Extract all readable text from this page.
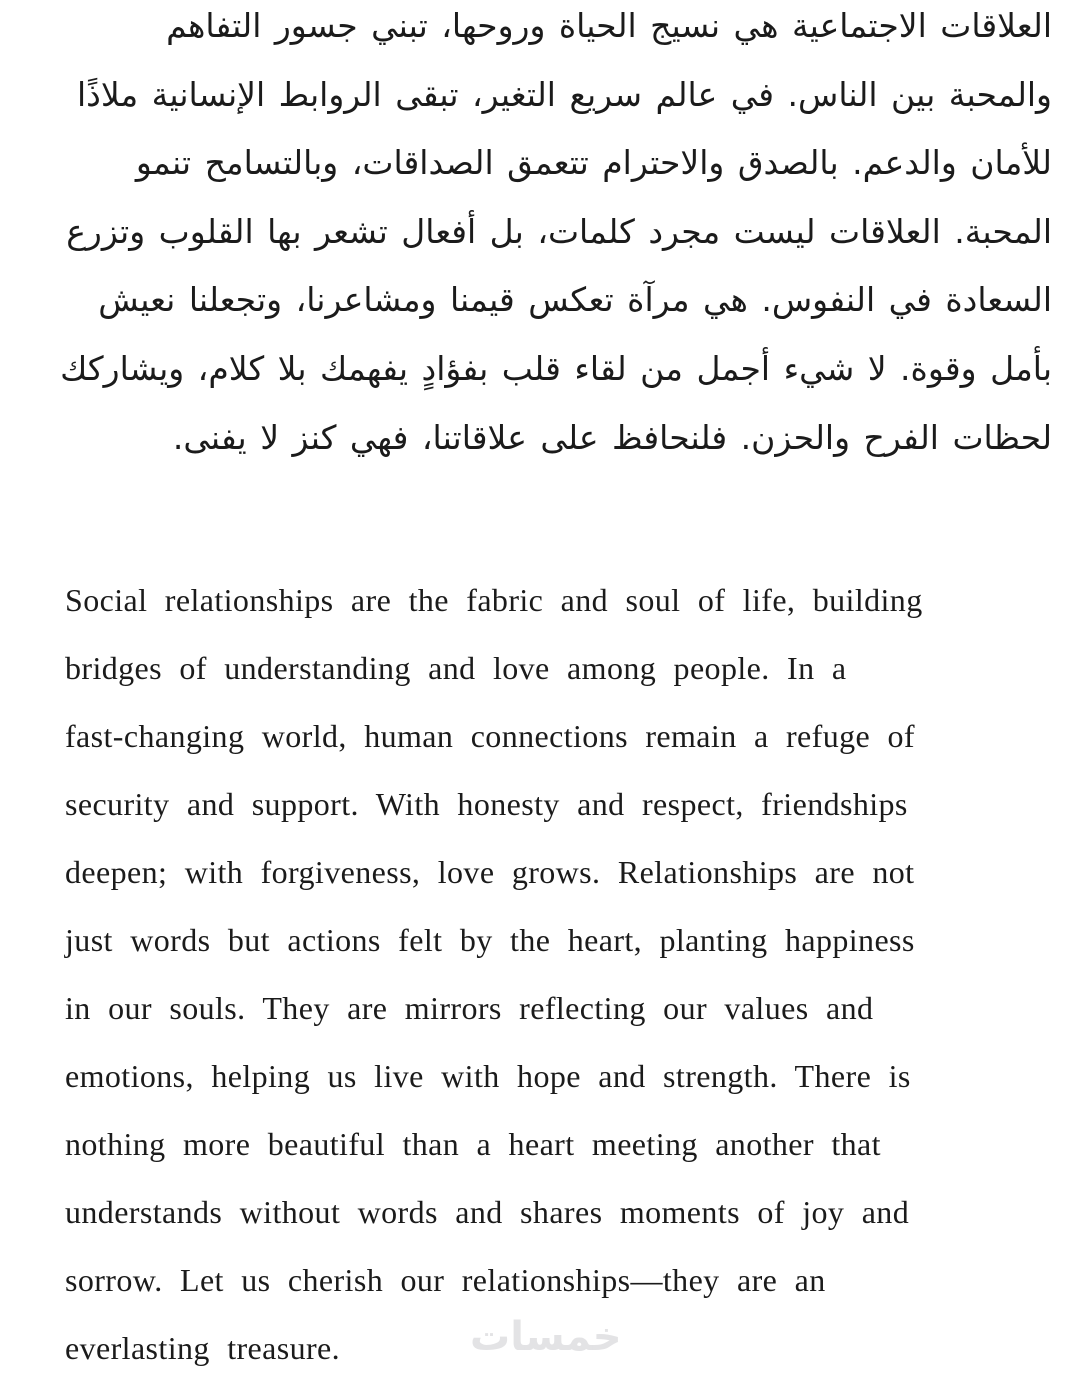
العلاقات الاجتماعية هي نسيج الحياة وروحها، تبني جسور التفاهم
والمحبة بين الناس. في عالم سريع التغير، تبقى الروابط الإنسانية ملاذًا
للأمان والدعم. بالصدق والاحترام تتعمق الصداقات، وبالتسامح تنمو
المحبة. العلاقات ليست مجرد كلمات، بل أفعال تشعر بها القلوب وتزرع
السعادة في النفوس. هي مرآة تعكس قيمنا ومشاعرنا، وتجعلنا نعيش
بأمل وقوة. لا شيء أجمل من لقاء قلب بفؤادٍ يفهمك بلا كلام، ويشاركك
لحظات الفرح والحزن. فلنحافظ على علاقاتنا، فهي كنز لا يفنى.
Social relationships are the fabric and soul of life, building
bridges of understanding and love among people. In a
fast-changing world, human connections remain a refuge of
security and support. With honesty and respect, friendships
deepen; with forgiveness, love grows. Relationships are not
just words but actions felt by the heart, planting happiness
in our souls. They are mirrors reflecting our values and
emotions, helping us live with hope and strength. There is
nothing more beautiful than a heart meeting another that
understands without words and shares moments of joy and
sorrow. Let us cherish our relationships—they are an
everlasting treasure.	خمسات
